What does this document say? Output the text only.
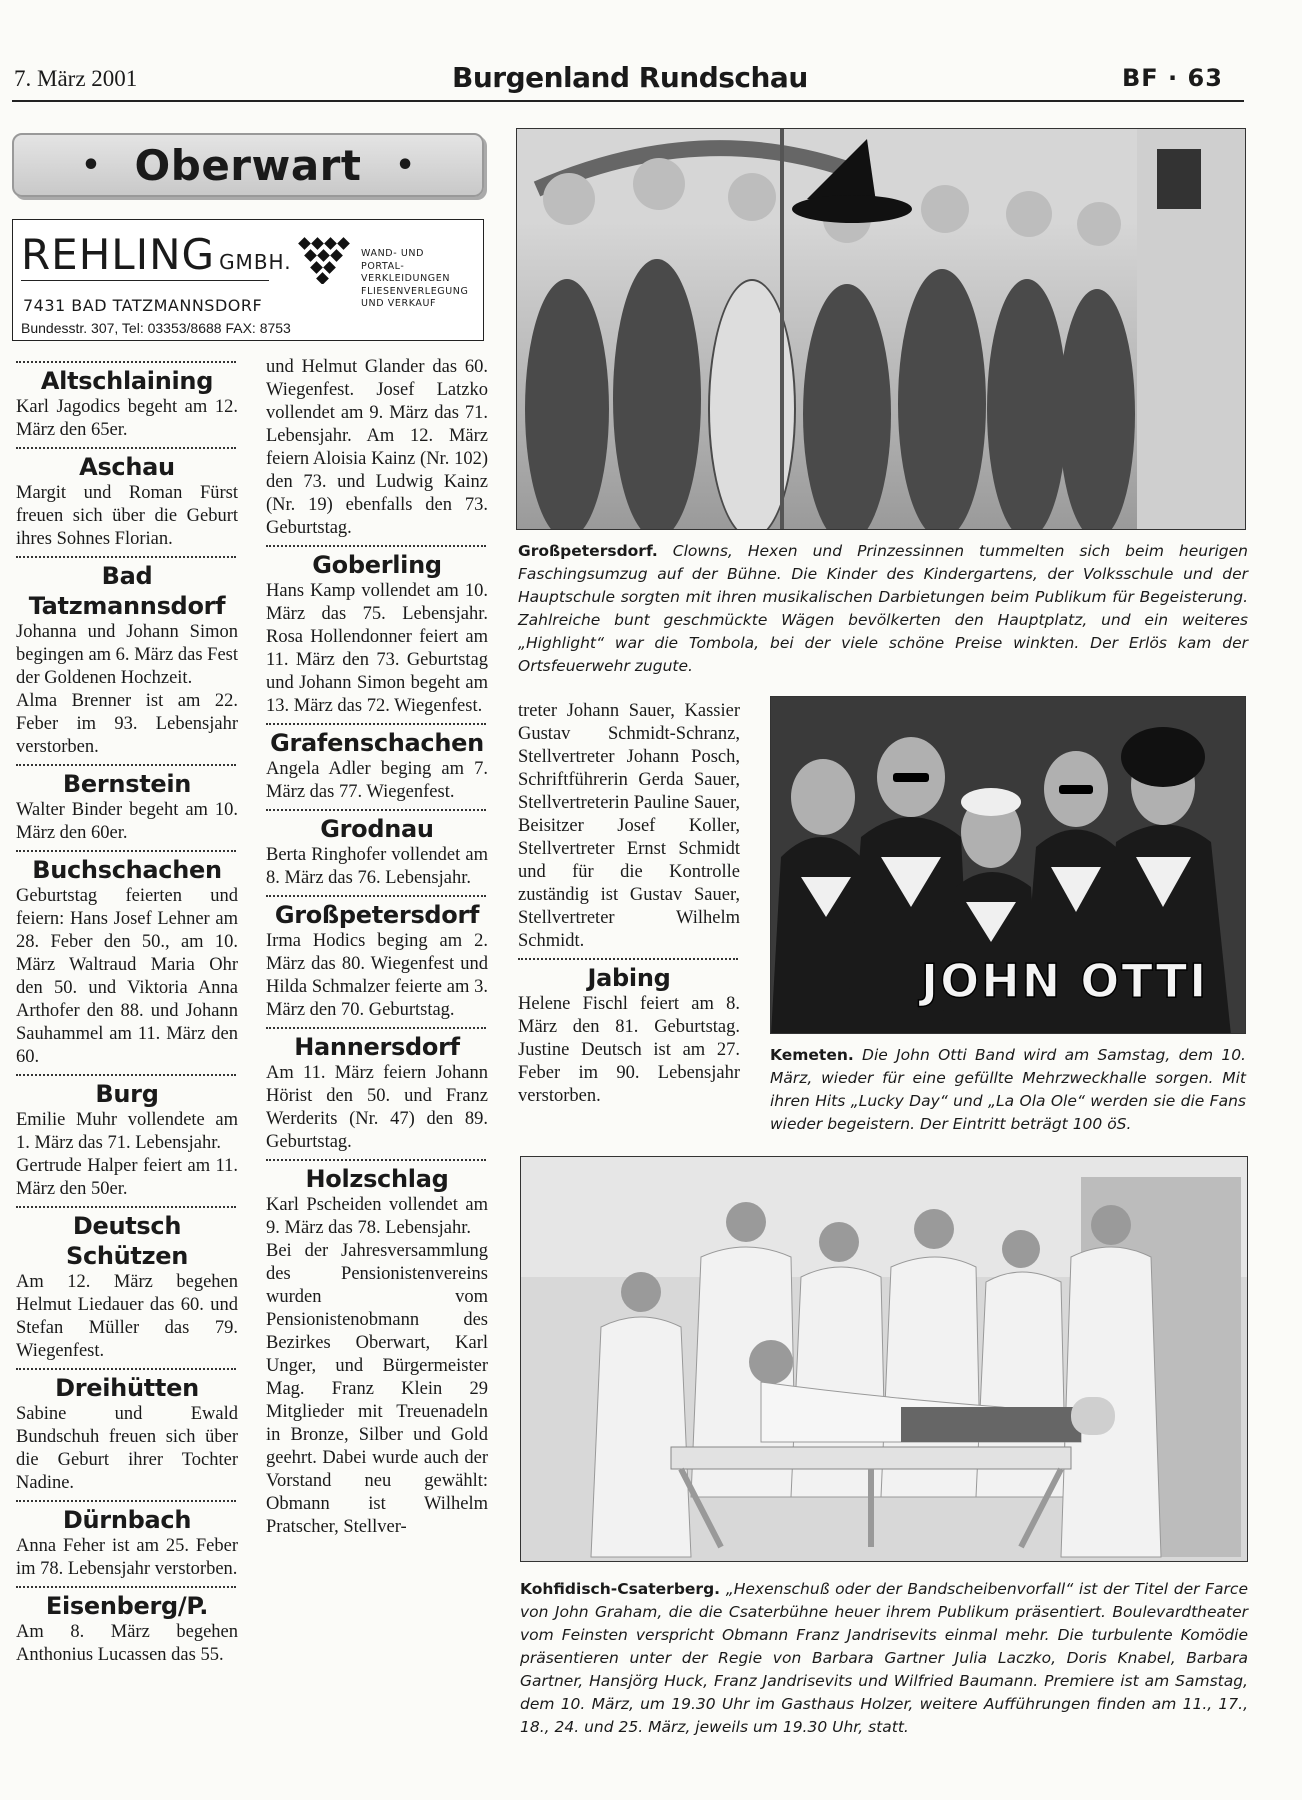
7. März 2001	Burgenland Rundschau	BF · 63
• Oberwart •
REHLING GMBH.
7431 BAD TATZMANNSDORF
Bundesstr. 307, Tel: 03353/8688 FAX: 8753
WAND- UND
PORTAL-
VERKLEIDUNGEN
FLIESENVERLEGUNG
UND VERKAUF
Altschlaining

Karl Jagodics begeht am 12. März den 65er.

Aschau

Margit und Roman Fürst freuen sich über die Geburt ihres Sohnes Florian.

Bad Tatzmannsdorf

Johanna und Johann Simon begingen am 6. März das Fest der Goldenen Hochzeit.

Alma Brenner ist am 22. Feber im 93. Lebensjahr verstorben.

Bernstein

Walter Binder begeht am 10. März den 60er.

Buchschachen

Geburtstag feierten und feiern: Hans Josef Lehner am 28. Feber den 50., am 10. März Waltraud Maria Ohr den 50. und Viktoria Anna Arthofer den 88. und Johann Sauhammel am 11. März den 60.

Burg

Emilie Muhr vollendete am 1. März das 71. Lebensjahr.

Gertrude Halper feiert am 11. März den 50er.

Deutsch Schützen

Am 12. März begehen Helmut Liedauer das 60. und Stefan Müller das 79. Wiegenfest.

Dreihütten

Sabine und Ewald Bundschuh freuen sich über die Geburt ihrer Tochter Nadine.

Dürnbach

Anna Feher ist am 25. Feber im 78. Lebensjahr verstorben.

Eisenberg/P.

Am 8. März begehen Anthonius Lucassen das 55.

und Helmut Glander das 60. Wiegenfest. Josef Latzko vollendet am 9. März das 71. Lebensjahr. Am 12. März feiern Aloisia Kainz (Nr. 102) den 73. und Ludwig Kainz (Nr. 19) ebenfalls den 73. Geburtstag.

Goberling

Hans Kamp vollendet am 10. März das 75. Lebensjahr. Rosa Hollendonner feiert am 11. März den 73. Geburtstag und Johann Simon begeht am 13. März das 72. Wiegenfest.

Grafenschachen

Angela Adler beging am 7. März das 77. Wiegenfest.

Grodnau

Berta Ringhofer vollendet am 8. März das 76. Lebensjahr.

Großpetersdorf

Irma Hodics beging am 2. März das 80. Wiegenfest und Hilda Schmalzer feierte am 3. März den 70. Geburtstag.

Hannersdorf

Am 11. März feiern Johann Hörist den 50. und Franz Werderits (Nr. 47) den 89. Geburtstag.

Holzschlag

Karl Pscheiden vollendet am 9. März das 78. Lebensjahr.

Bei der Jahresversammlung des Pensionistenvereins wurden vom Pensionistenobmann des Bezirkes Oberwart, Karl Unger, und Bürgermeister Mag. Franz Klein 29 Mitglieder mit Treuenadeln in Bronze, Silber und Gold geehrt. Dabei wurde auch der Vorstand neu gewählt: Obmann ist Wilhelm Pratscher, Stellver-

treter Johann Sauer, Kassier Gustav Schmidt-Schranz, Stellvertreter Johann Posch, Schriftführerin Gerda Sauer, Stellvertreterin Pauline Sauer, Beisitzer Josef Koller, Stellvertreter Ernst Schmidt und für die Kontrolle zuständig ist Gustav Sauer, Stellvertreter Wilhelm Schmidt.

Jabing

Helene Fischl feiert am 8. März den 81. Geburtstag. Justine Deutsch ist am 27. Feber im 90. Lebensjahr verstorben.

JOHN OTTI
Großpetersdorf. Clowns, Hexen und Prinzessinnen tummelten sich beim heurigen Faschingsumzug auf der Bühne. Die Kinder des Kindergartens, der Volksschule und der Hauptschule sorgten mit ihren musikalischen Darbietungen beim Publikum für Begeisterung. Zahlreiche bunt geschmückte Wägen bevölkerten den Hauptplatz, und ein weiteres „Highlight“ war die Tombola, bei der viele schöne Preise winkten. Der Erlös kam der Ortsfeuerwehr zugute.
Kemeten. Die John Otti Band wird am Samstag, dem 10. März, wieder für eine gefüllte Mehrzweckhalle sorgen. Mit ihren Hits „Lucky Day“ und „La Ola Ole“ werden sie die Fans wieder begeistern. Der Eintritt beträgt 100 öS.
Kohfidisch-Csaterberg. „Hexenschuß oder der Bandscheibenvorfall“ ist der Titel der Farce von John Graham, die die Csaterbühne heuer ihrem Publikum präsentiert. Boulevardtheater vom Feinsten verspricht Obmann Franz Jandrisevits einmal mehr. Die turbulente Komödie präsentieren unter der Regie von Barbara Gartner Julia Laczko, Doris Knabel, Barbara Gartner, Hansjörg Huck, Franz Jandrisevits und Wilfried Baumann. Premiere ist am Samstag, dem 10. März, um 19.30 Uhr im Gasthaus Holzer, weitere Aufführungen finden am 11., 17., 18., 24. und 25. März, jeweils um 19.30 Uhr, statt.
